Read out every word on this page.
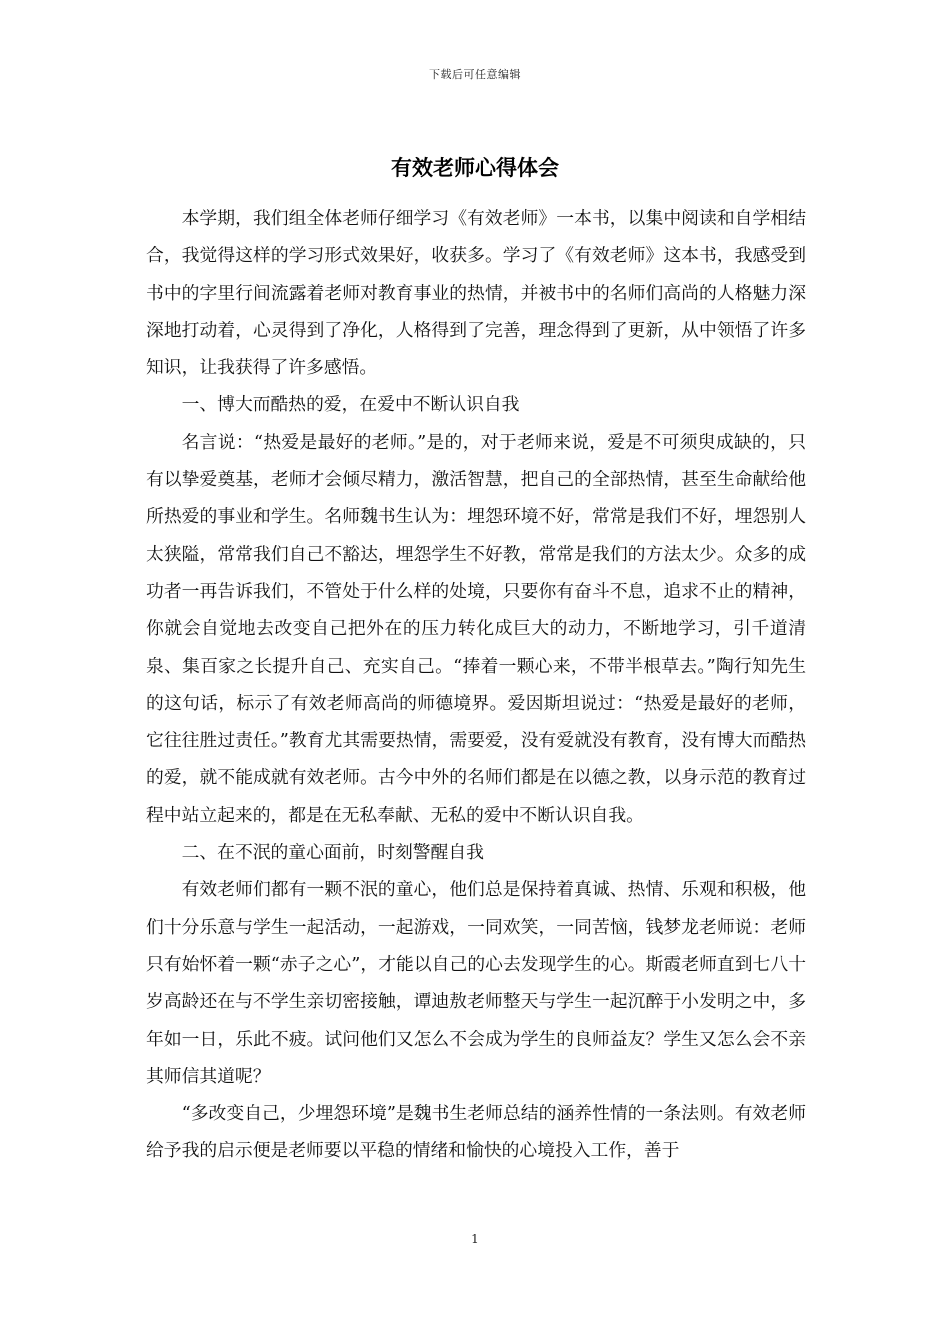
下载后可任意编辑
有效老师心得体会

本学期，我们组全体老师仔细学习《有效老师》一本书，以集中阅读和自学相结合，我觉得这样的学习形式效果好，收获多。学习了《有效老师》这本书，我感受到书中的字里行间流露着老师对教育事业的热情，并被书中的名师们高尚的人格魅力深深地打动着，心灵得到了净化，人格得到了完善，理念得到了更新，从中领悟了许多知识，让我获得了许多感悟。

一、博大而酷热的爱，在爱中不断认识自我

名言说：“热爱是最好的老师。”是的，对于老师来说，爱是不可须臾成缺的，只有以挚爱奠基，老师才会倾尽精力，激活智慧，把自己的全部热情，甚至生命献给他所热爱的事业和学生。名师魏书生认为：埋怨环境不好，常常是我们不好，埋怨别人太狭隘，常常我们自己不豁达，埋怨学生不好教，常常是我们的方法太少。众多的成功者一再告诉我们，不管处于什么样的处境，只要你有奋斗不息，追求不止的精神，你就会自觉地去改变自己把外在的压力转化成巨大的动力，不断地学习，引千道清泉、集百家之长提升自己、充实自己。“捧着一颗心来，不带半根草去。”陶行知先生的这句话，标示了有效老师高尚的师德境界。爱因斯坦说过：“热爱是最好的老师，它往往胜过责任。”教育尤其需要热情，需要爱，没有爱就没有教育，没有博大而酷热的爱，就不能成就有效老师。古今中外的名师们都是在以德之教，以身示范的教育过程中站立起来的，都是在无私奉献、无私的爱中不断认识自我。

二、在不泯的童心面前，时刻警醒自我

有效老师们都有一颗不泯的童心，他们总是保持着真诚、热情、乐观和积极，他们十分乐意与学生一起活动，一起游戏，一同欢笑，一同苦恼，钱梦龙老师说：老师只有始怀着一颗“赤子之心”，才能以自己的心去发现学生的心。斯霞老师直到七八十岁高龄还在与不学生亲切密接触，谭迪敖老师整天与学生一起沉醉于小发明之中，多年如一日，乐此不疲。试问他们又怎么不会成为学生的良师益友？学生又怎么会不亲其师信其道呢？

“多改变自己，少埋怨环境”是魏书生老师总结的涵养性情的一条法则。有效老师给予我的启示便是老师要以平稳的情绪和愉快的心境投入工作，善于

1
